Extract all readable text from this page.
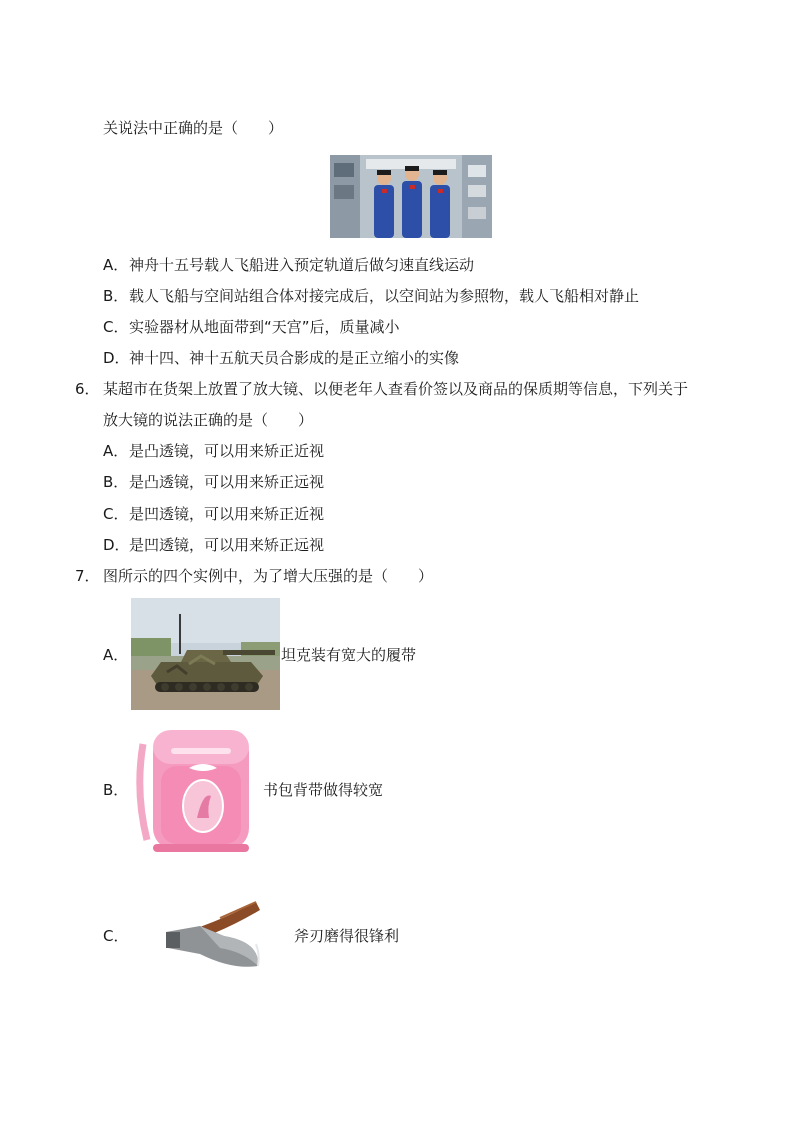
关说法中正确的是（　　）
A．神舟十五号载人飞船进入预定轨道后做匀速直线运动
B．载人飞船与空间站组合体对接完成后，以空间站为参照物，载人飞船相对静止
C．实验器材从地面带到“天宫”后，质量减小
D．神十四、神十五航天员合影成的是正立缩小的实像
6． 某超市在货架上放置了放大镜、以便老年人查看价签以及商品的保质期等信息，下列关于
放大镜的说法正确的是（　　）
A．是凸透镜，可以用来矫正近视
B．是凸透镜，可以用来矫正远视
C．是凹透镜，可以用来矫正近视
D．是凹透镜，可以用来矫正远视
7． 图所示的四个实例中，为了增大压强的是（　　）
A．	坦克装有宽大的履带
B．	书包背带做得较宽
C．	斧刃磨得很锋利
